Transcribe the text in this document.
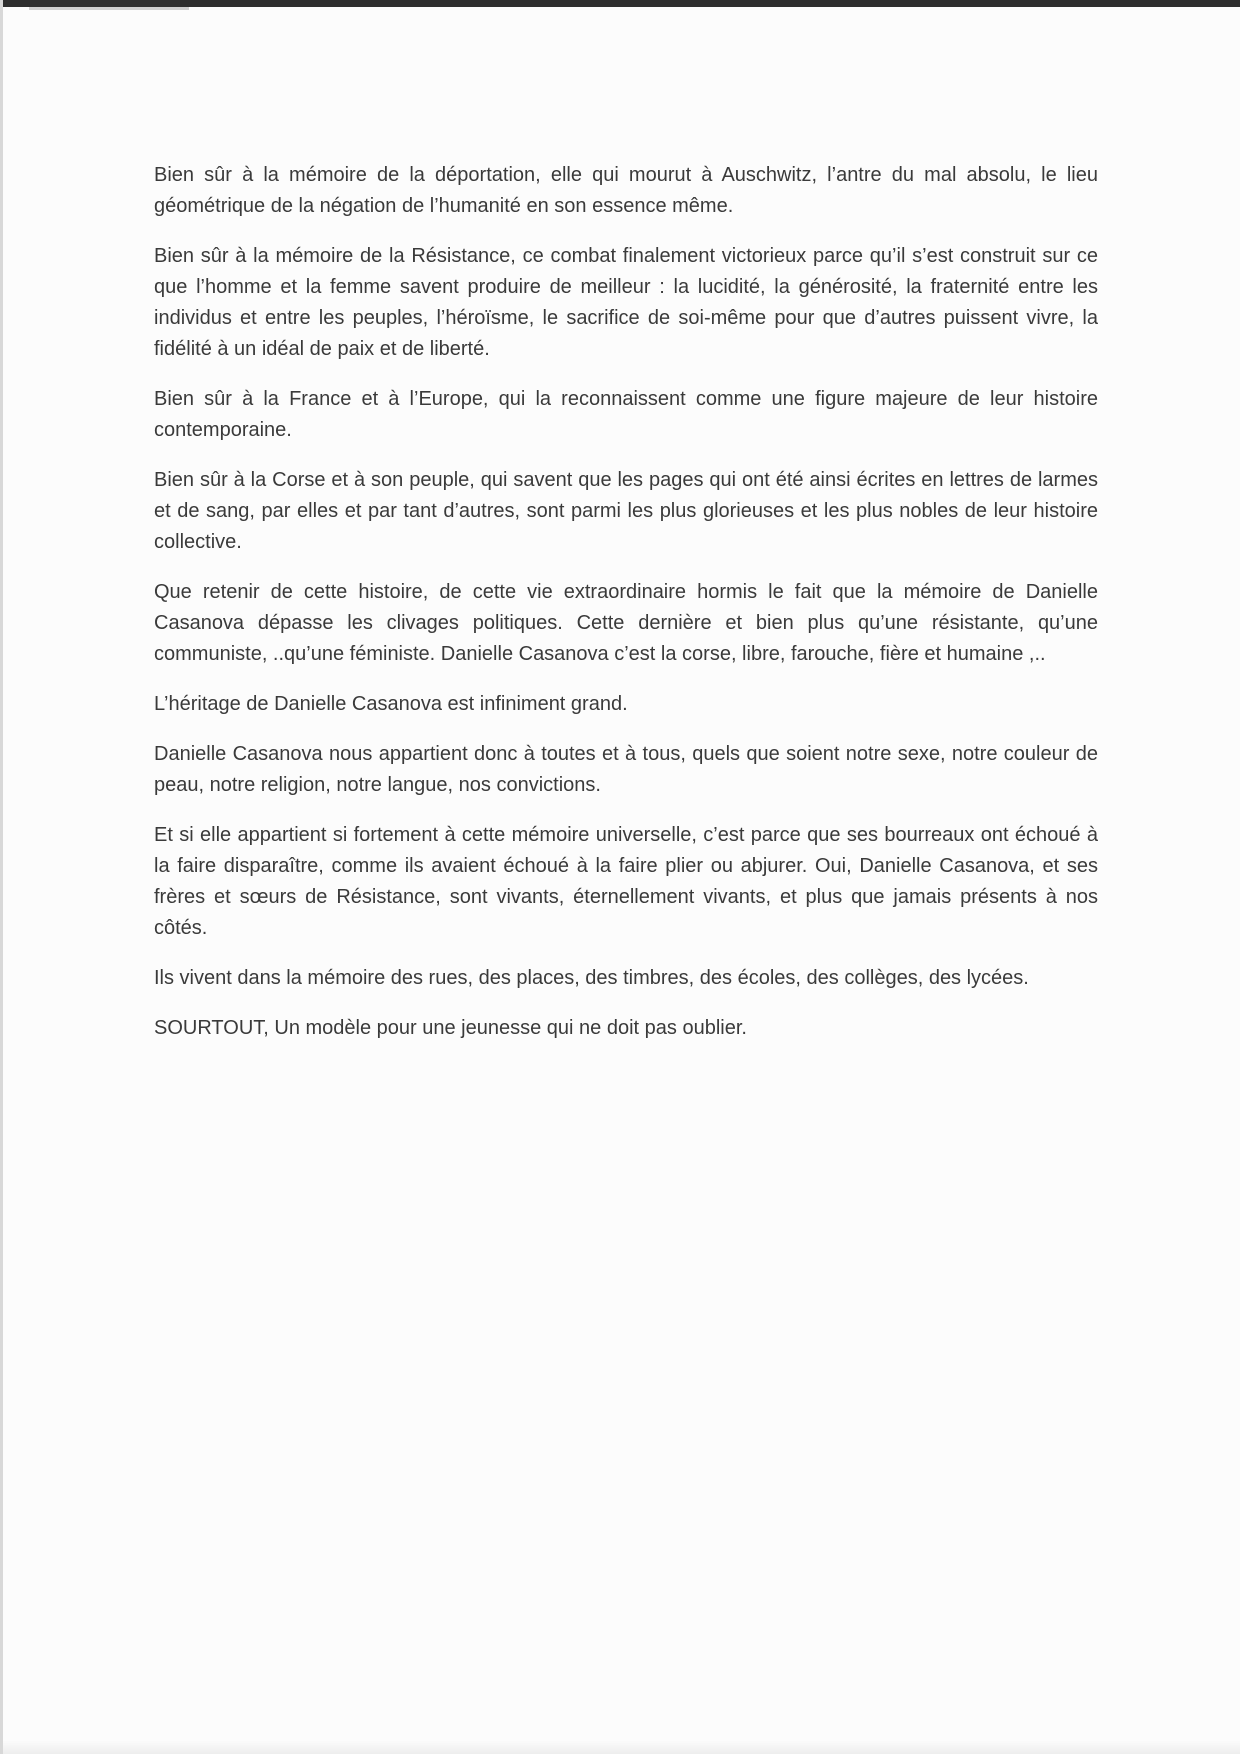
Bien sûr à la mémoire de la déportation, elle qui mourut à Auschwitz, l’antre du mal absolu, le lieu géométrique de la négation de l’humanité en son essence même.

Bien sûr à la mémoire de la Résistance, ce combat finalement victorieux parce qu’il s’est construit sur ce que l’homme et la femme savent produire de meilleur : la lucidité, la générosité, la fraternité entre les individus et entre les peuples, l’héroïsme, le sacrifice de soi-même pour que d’autres puissent vivre, la fidélité à un idéal de paix et de liberté.

Bien sûr à la France et à l’Europe, qui la reconnaissent comme une figure majeure de leur histoire contemporaine.

Bien sûr à la Corse et à son peuple, qui savent que les pages qui ont été ainsi écrites en lettres de larmes et de sang, par elles et par tant d’autres, sont parmi les plus glorieuses et les plus nobles de leur histoire collective.

Que retenir de cette histoire, de cette vie extraordinaire hormis le fait que la mémoire de Danielle Casanova dépasse les clivages politiques. Cette dernière et bien plus qu’une résistante, qu’une communiste, ..qu’une féministe. Danielle Casanova c’est la corse, libre, farouche, fière et humaine ,..

L’héritage de Danielle Casanova est infiniment grand.

Danielle Casanova nous appartient donc à toutes et à tous, quels que soient notre sexe, notre couleur de peau, notre religion, notre langue, nos convictions.

Et si elle appartient si fortement à cette mémoire universelle, c’est parce que ses bourreaux ont échoué à la faire disparaître, comme ils avaient échoué à la faire plier ou abjurer. Oui, Danielle Casanova, et ses frères et sœurs de Résistance, sont vivants, éternellement vivants, et plus que jamais présents à nos côtés.

Ils vivent dans la mémoire des rues, des places, des timbres, des écoles, des collèges, des lycées.

SOURTOUT, Un modèle pour une jeunesse qui ne doit pas oublier.
